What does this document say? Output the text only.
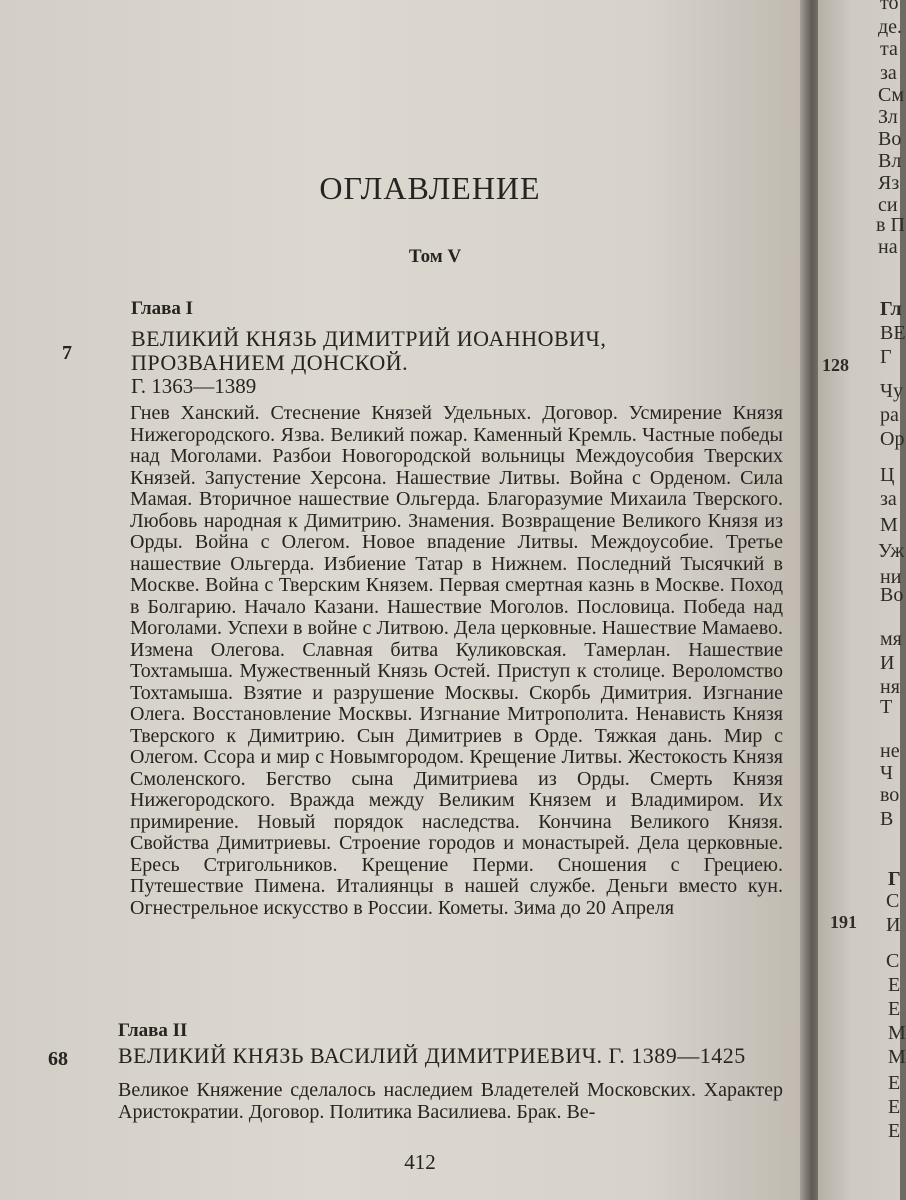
ОГЛАВЛЕНИЕ
Том V
Глава I
ВЕЛИКИЙ КНЯЗЬ ДИМИТРИЙ ИОАННОВИЧ,
ПРОЗВАНИЕМ ДОНСКОЙ.
Г. 1363—1389
7
Гнев Ханский. Стеснение Князей Удельных. Договор. Усмирение Князя Нижегородского. Язва. Великий пожар. Каменный Кремль. Частные победы над Моголами. Разбои Новогородской вольницы Междоусобия Тверских Князей. Запустение Херсона. Нашествие Литвы. Война с Орденом. Сила Мамая. Вторичное нашествие Ольгерда. Благоразумие Михаила Тверского. Любовь народная к Димитрию. Знамения. Возвращение Великого Князя из Орды. Война с Олегом. Новое впадение Литвы. Междоусобие. Третье нашествие Ольгерда. Избиение Татар в Нижнем. Последний Тысячкий в Москве. Война с Тверским Князем. Первая смертная казнь в Москве. Поход в Болгарию. Начало Казани. Нашествие Моголов. Пословица. Победа над Моголами. Успехи в войне с Литвою. Дела церковные. Нашествие Мамаево. Измена Олегова. Славная битва Куликовская. Тамерлан. Нашествие Тохтамыша. Мужественный Князь Остей. Приступ к столице. Вероломство Тохтамыша. Взятие и разрушение Москвы. Скорбь Димитрия. Изгнание Олега. Восстановление Москвы. Изгнание Митрополита. Ненависть Князя Тверского к Димитрию. Сын Димитриев в Орде. Тяжкая дань. Мир с Олегом. Ссора и мир с Новымгородом. Крещение Литвы. Жестокость Князя Смоленского. Бегство сына Димитриева из Орды. Смерть Князя Нижегородского. Вражда между Великим Князем и Владимиром. Их примирение. Новый порядок наследства. Кончина Великого Князя. Свойства Димитриевы. Строение городов и монастырей. Дела церковные. Ересь Стригольников. Крещение Перми. Сношения с Грециею. Путешествие Пимена. Италиянцы в нашей службе. Деньги вместо кун. Огнестрельное искусство в России. Кометы. Зима до 20 Апреля
Глава II
ВЕЛИКИЙ КНЯЗЬ ВАСИЛИЙ ДИМИТРИЕВИЧ. Г. 1389—1425
68
Великое Княжение сделалось наследием Владетелей Московских. Характер Аристократии. Договор. Политика Василиева. Брак. Ве-
412
то
де.
та
за
См
Зл
Во
Вл
Яз
си
в П
на
Гл
ВЕ
Г
128
Чу
ра
Ор
Ц
за
М
Уж
ни
Во
мя
И
ня
Т
не
Ч
во
В
Г
С
191 И
С
Е
Е
М
М
Е
Е
Е
